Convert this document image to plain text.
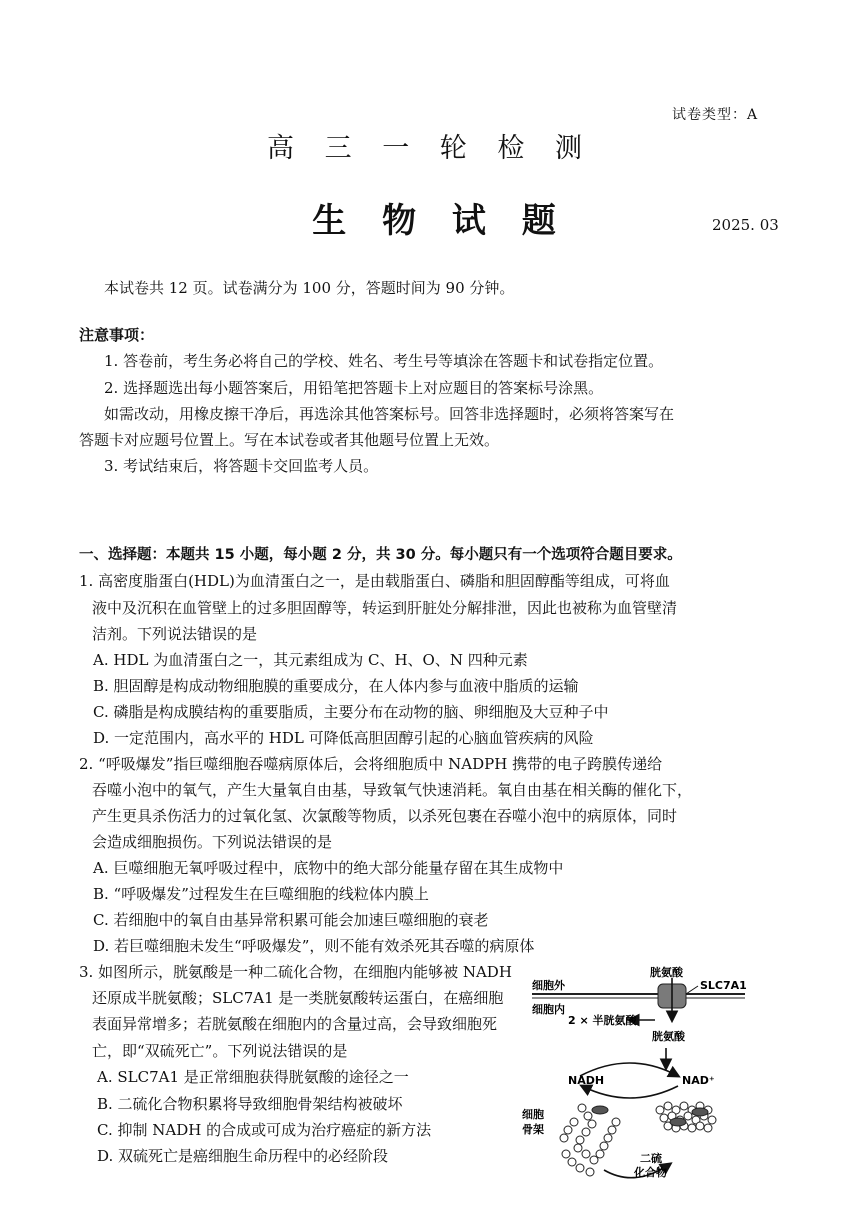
试卷类型：A
高 三 一 轮 检 测
生 物 试 题	2025. 03
本试卷共 12 页。试卷满分为 100 分，答题时间为 90 分钟。
注意事项：
1. 答卷前，考生务必将自己的学校、姓名、考生号等填涂在答题卡和试卷指定位置。
2. 选择题选出每小题答案后，用铅笔把答题卡上对应题目的答案标号涂黑。
如需改动，用橡皮擦干净后，再选涂其他答案标号。回答非选择题时，必须将答案写在
答题卡对应题号位置上。写在本试卷或者其他题号位置上无效。
3. 考试结束后，将答题卡交回监考人员。
一、选择题：本题共 15 小题，每小题 2 分，共 30 分。每小题只有一个选项符合题目要求。
1. 高密度脂蛋白(HDL)为血清蛋白之一，是由载脂蛋白、磷脂和胆固醇酯等组成，可将血
液中及沉积在血管壁上的过多胆固醇等，转运到肝脏处分解排泄，因此也被称为血管壁清
洁剂。下列说法错误的是
A. HDL 为血清蛋白之一，其元素组成为 C、H、O、N 四种元素
B. 胆固醇是构成动物细胞膜的重要成分，在人体内参与血液中脂质的运输
C. 磷脂是构成膜结构的重要脂质，主要分布在动物的脑、卵细胞及大豆种子中
D. 一定范围内，高水平的 HDL 可降低高胆固醇引起的心脑血管疾病的风险
2. “呼吸爆发”指巨噬细胞吞噬病原体后，会将细胞质中 NADPH 携带的电子跨膜传递给
吞噬小泡中的氧气，产生大量氧自由基，导致氧气快速消耗。氧自由基在相关酶的催化下，
产生更具杀伤活力的过氧化氢、次氯酸等物质，以杀死包裹在吞噬小泡中的病原体，同时
会造成细胞损伤。下列说法错误的是
A. 巨噬细胞无氧呼吸过程中，底物中的绝大部分能量存留在其生成物中
B. “呼吸爆发”过程发生在巨噬细胞的线粒体内膜上
C. 若细胞中的氧自由基异常积累可能会加速巨噬细胞的衰老
D. 若巨噬细胞未发生“呼吸爆发”，则不能有效杀死其吞噬的病原体
3. 如图所示，胱氨酸是一种二硫化合物，在细胞内能够被 NADH
还原成半胱氨酸；SLC7A1 是一类胱氨酸转运蛋白，在癌细胞
表面异常增多；若胱氨酸在细胞内的含量过高，会导致细胞死
亡，即“双硫死亡”。下列说法错误的是
A. SLC7A1 是正常细胞获得胱氨酸的途径之一
B. 二硫化合物积累将导致细胞骨架结构被破坏
C. 抑制 NADH 的合成或可成为治疗癌症的新方法
D. 双硫死亡是癌细胞生命历程中的必经阶段
细胞外
细胞内
胱氨酸
SLC7A1
2 × 半胱氨酸
胱氨酸
NADH	NAD⁺
细胞
骨架
二硫
化合物
